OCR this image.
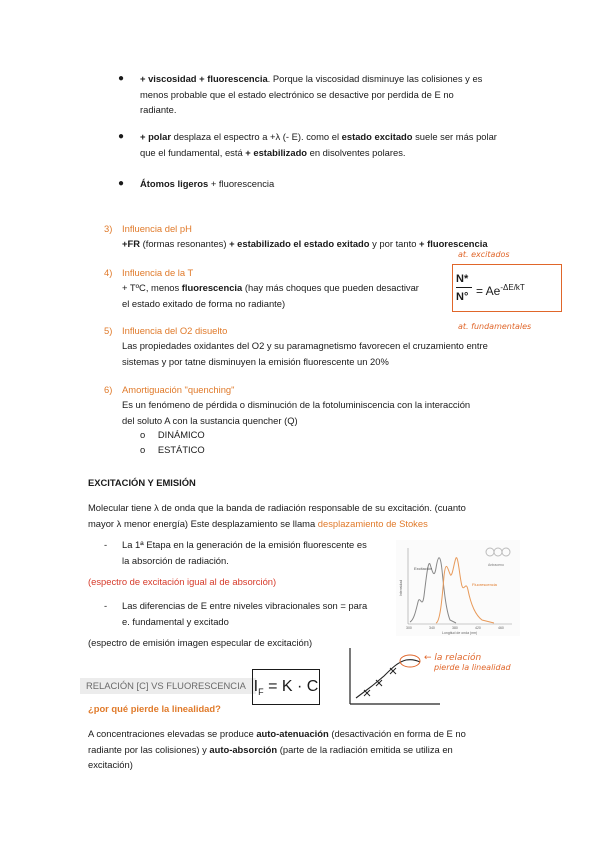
● + viscosidad + fluorescencia. Porque la viscosidad disminuye las colisiones y es
menos probable que el estado electrónico se desactive por perdida de E no
radiante.
● + polar desplaza el espectro a +λ (- E). como el estado excitado suele ser más polar
que el fundamental, está + estabilizado en disolventes polares.
● Átomos ligeros + fluorescencia
3) Influencia del pH
+FR (formas resonantes) + estabilizado el estado exitado y por tanto + fluorescencia
4) Influencia de la T
+ TºC, menos fluorescencia (hay más choques que pueden desactivar
el estado exitado de forma no radiante)
at. excitados
N*
$N^\circ = Ae^{-\Delta E/kT}$
at. fundamentales
5) Influencia del O2 disuelto
Las propiedades oxidantes del O2 y su paramagnetismo favorecen el cruzamiento entre
sistemas y por tatne disminuyen la emisión fluorescente un 20%
6) Amortiguación "quenching"
Es un fenómeno de pérdida o disminución de la fotoluminiscencia con la interacción
del soluto A con la sustancia quencher (Q)
o DINÁMICO
o ESTÁTICO
EXCITACIÓN Y EMISIÓN
Molecular tiene λ de onda que la banda de radiación responsable de su excitación. (cuanto
mayor λ menor energía) Este desplazamiento se llama desplazamiento de Stokes
- La 1ª Etapa en la generación de la emisión fluorescente es
la absorción de radiación.
(espectro de excitación igual al de absorción)
- Las diferencias de E entre niveles vibracionales son = para
e. fundamental y excitado
(espectro de emisión imagen especular de excitación)
Excitación
Fluorescencia
Antraceno
Intensidad
300	340	380	420	460
Longitud de onda (nm)
RELACIÓN [C] VS FLUORESCENCIA $I_F = K \cdot C$
← la relación
pierde la linealidad
¿por qué pierde la linealidad?
A concentraciones elevadas se produce auto-atenuación (desactivación en forma de E no
radiante por las colisiones) y auto-absorción (parte de la radiación emitida se utiliza en
excitación)
